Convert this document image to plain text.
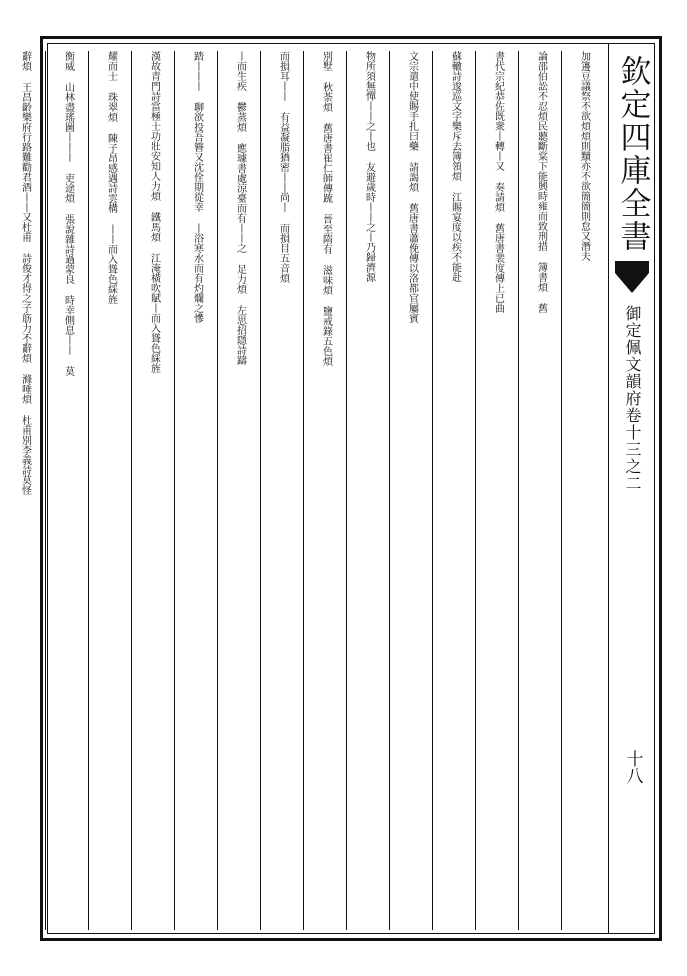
欽定四庫全書
御定佩文韻府卷十三之二
十八
加籩豆議祭不欲煩煩則黷亦不欲簡簡則怠又潛夫
論邵伯訟不忍煩民聽斷棠下能興時雍而致刑措 簿書煩 舊
書代宗紀恭佐既衆丨轉丨又 奏請煩 舊唐書裴度傳上已曲
蘇轍詩逡巡文字樂斥去簿領煩 江賜宴度以疾不能赴
文宗遣中使賜手扎曰藥 請謁煩 舊唐書蕭俛傳以洛都官屬賓
物所須無憚丨丨之丨也 友避歲時丨丨之丨乃歸濟源
別墅 秋荼煩 舊唐書崔仁師傳䟽 晉至隋有 滋味煩 鹽戒錄五色煩
而損耳丨丨 有益凝脂猶密丨丨尚丨 而損目五音煩
丨而生疾 鬱蒸煩 應璩書處涼臺而有丨丨之 足力煩 左思招隱詩躊
踏丨丨丨 聊欲投吾簪又沈佺期從幸 丨浴寒水而有灼爛之慘
漢故青門詩當極士功壯安知人力煩 鐵馬煩 江淹橫吹賦丨而入聳色綵旌
耀而士 珠翠煩 陳子昂感遇詩雲構 丨丨而入聳色綵旌
衡威 山林盡瑤圖丨丨丨 吏途煩 張說雜詩過蒙良 時幸側息丨丨 莫
辭煩 王昌齡樂府行路難勸君酒丨丨又杜甫 詩俊才得之子筋力不辭煩 滌唾煩 杜甫別李義詩莫怪
